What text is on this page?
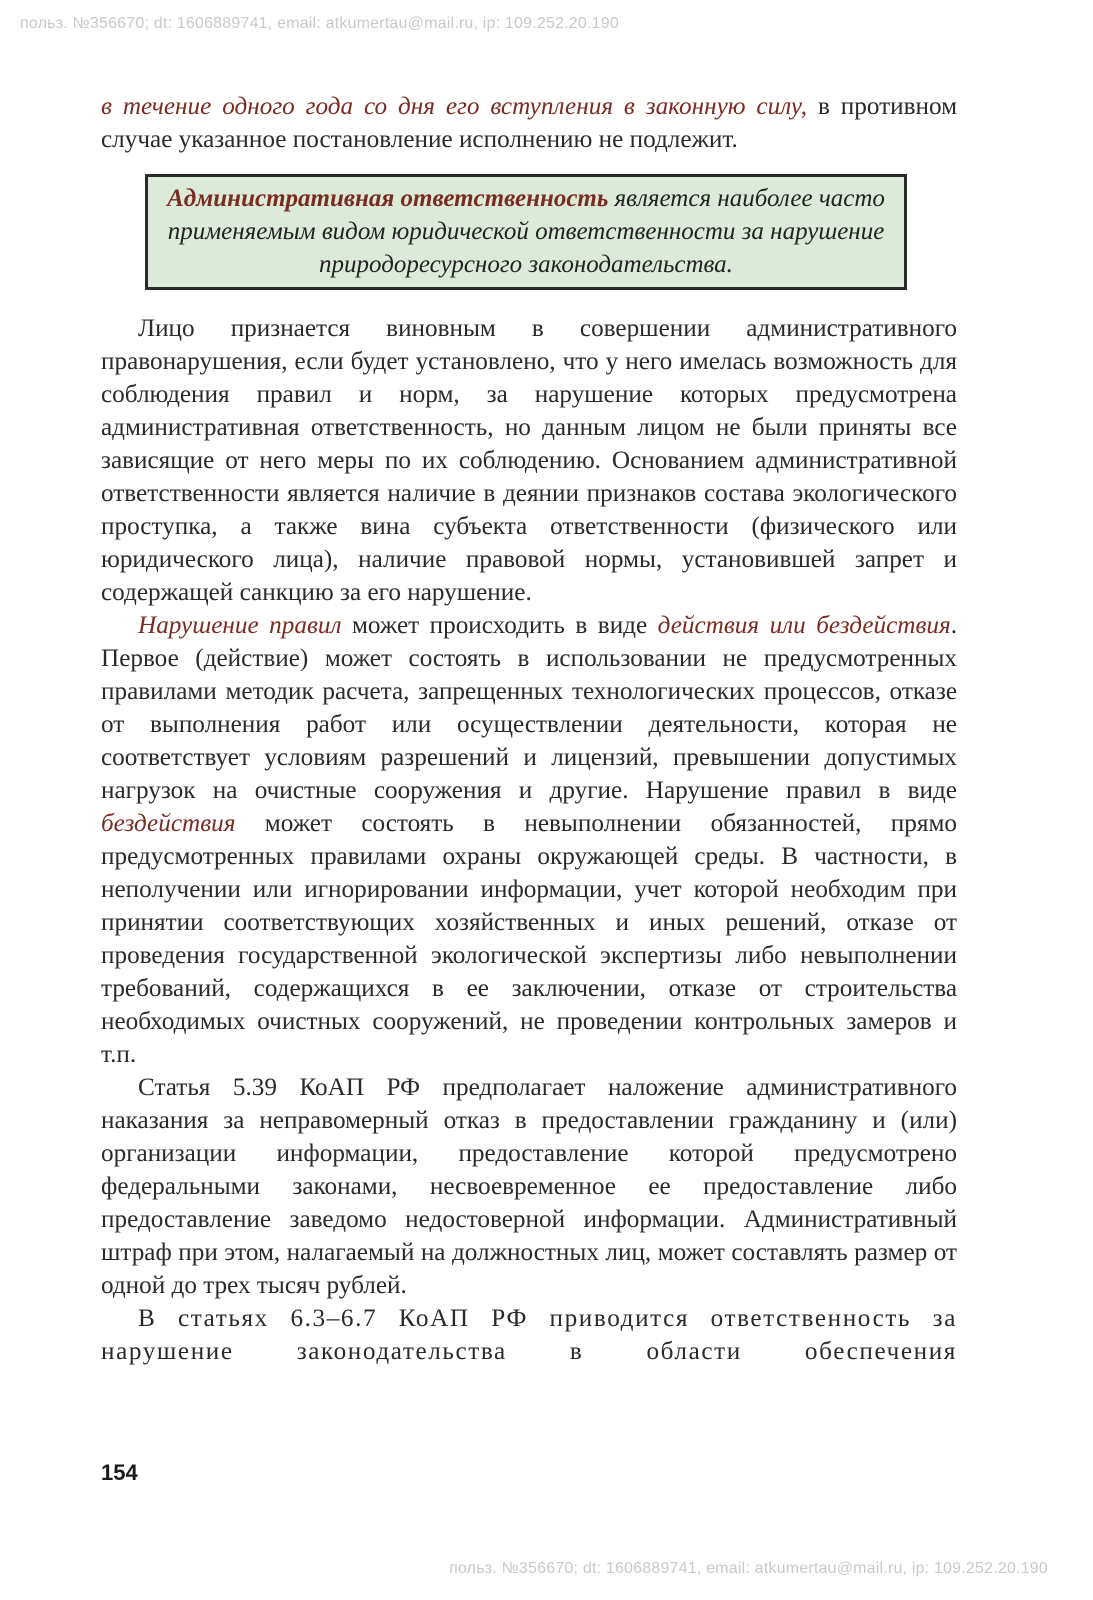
польз. №356670; dt: 1606889741, email: atkumertau@mail.ru, ip: 109.252.20.190

в течение одного года со дня его вступления в законную силу, в противном случае указанное постановление исполнению не подлежит.

Административная ответственность является наиболее часто применяемым видом юридической ответственности за нарушение природоресурсного законодательства.

Лицо признается виновным в совершении административного правонарушения, если будет установлено, что у него имелась возможность для соблюдения правил и норм, за нарушение которых предусмотрена административная ответственность, но данным лицом не были приняты все зависящие от него меры по их соблюдению. Основанием административной ответственности является наличие в деянии признаков состава экологического проступка, а также вина субъекта ответственности (физического или юридического лица), наличие правовой нормы, установившей запрет и содержащей санкцию за его нарушение.

Нарушение правил может происходить в виде действия или бездействия. Первое (действие) может состоять в использовании не предусмотренных правилами методик расчета, запрещенных технологических процессов, отказе от выполнения работ или осуществлении деятельности, которая не соответствует условиям разрешений и лицензий, превышении допустимых нагрузок на очистные сооружения и другие. Нарушение правил в виде бездействия может состоять в невыполнении обязанностей, прямо предусмотренных правилами охраны окружающей среды. В частности, в неполучении или игнорировании информации, учет которой необходим при принятии соответствующих хозяйственных и иных решений, отказе от проведения государственной экологической экспертизы либо невыполнении требований, содержащихся в ее заключении, отказе от строительства необходимых очистных сооружений, не проведении контрольных замеров и т.п.

Статья 5.39 КоАП РФ предполагает наложение административного наказания за неправомерный отказ в предоставлении гражданину и (или) организации информации, предоставление которой предусмотрено федеральными законами, несвоевременное ее предоставление либо предоставление заведомо недостоверной информации. Административный штраф при этом, налагаемый на должностных лиц, может составлять размер от одной до трех тысяч рублей.

В статьях 6.3–6.7 КоАП РФ приводится ответственность за нарушение законодательства в области обеспечения

154
польз. №356670; dt: 1606889741, email: atkumertau@mail.ru, ip: 109.252.20.190
